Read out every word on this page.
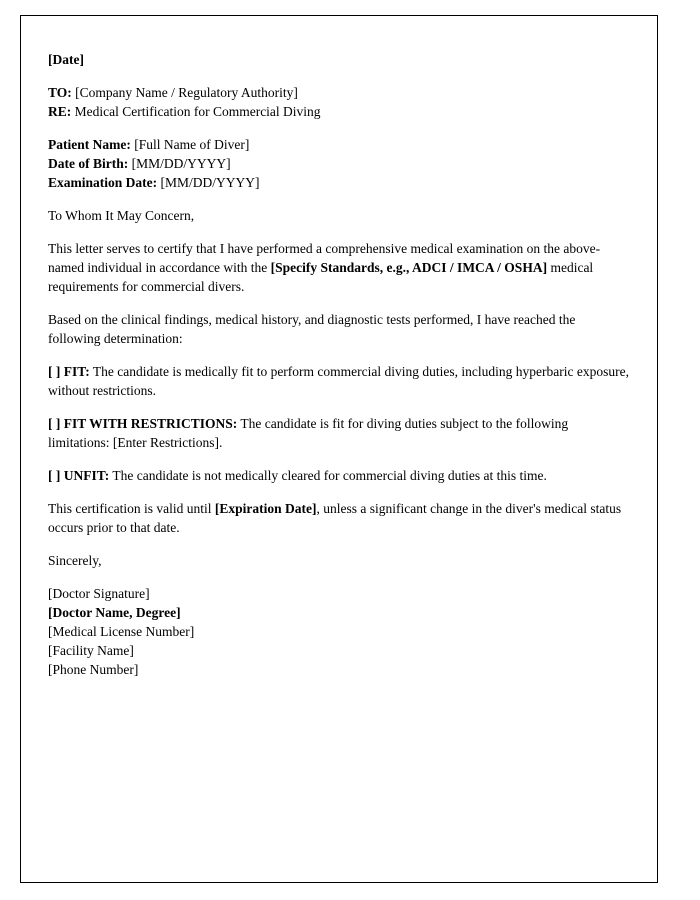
[Date]

TO: [Company Name / Regulatory Authority]
RE: Medical Certification for Commercial Diving
Patient Name: [Full Name of Diver]
Date of Birth: [MM/DD/YYYY]
Examination Date: [MM/DD/YYYY]

To Whom It May Concern,

This letter serves to certify that I have performed a comprehensive medical examination on the above-named individual in accordance with the [Specify Standards, e.g., ADCI / IMCA / OSHA] medical requirements for commercial divers.

Based on the clinical findings, medical history, and diagnostic tests performed, I have reached the following determination:

[ ] FIT: The candidate is medically fit to perform commercial diving duties, including hyperbaric exposure, without restrictions.

[ ] FIT WITH RESTRICTIONS: The candidate is fit for diving duties subject to the following limitations: [Enter Restrictions].

[ ] UNFIT: The candidate is not medically cleared for commercial diving duties at this time.

This certification is valid until [Expiration Date], unless a significant change in the diver's medical status occurs prior to that date.

Sincerely,

[Doctor Signature]
[Doctor Name, Degree]
[Medical License Number]
[Facility Name]
[Phone Number]
